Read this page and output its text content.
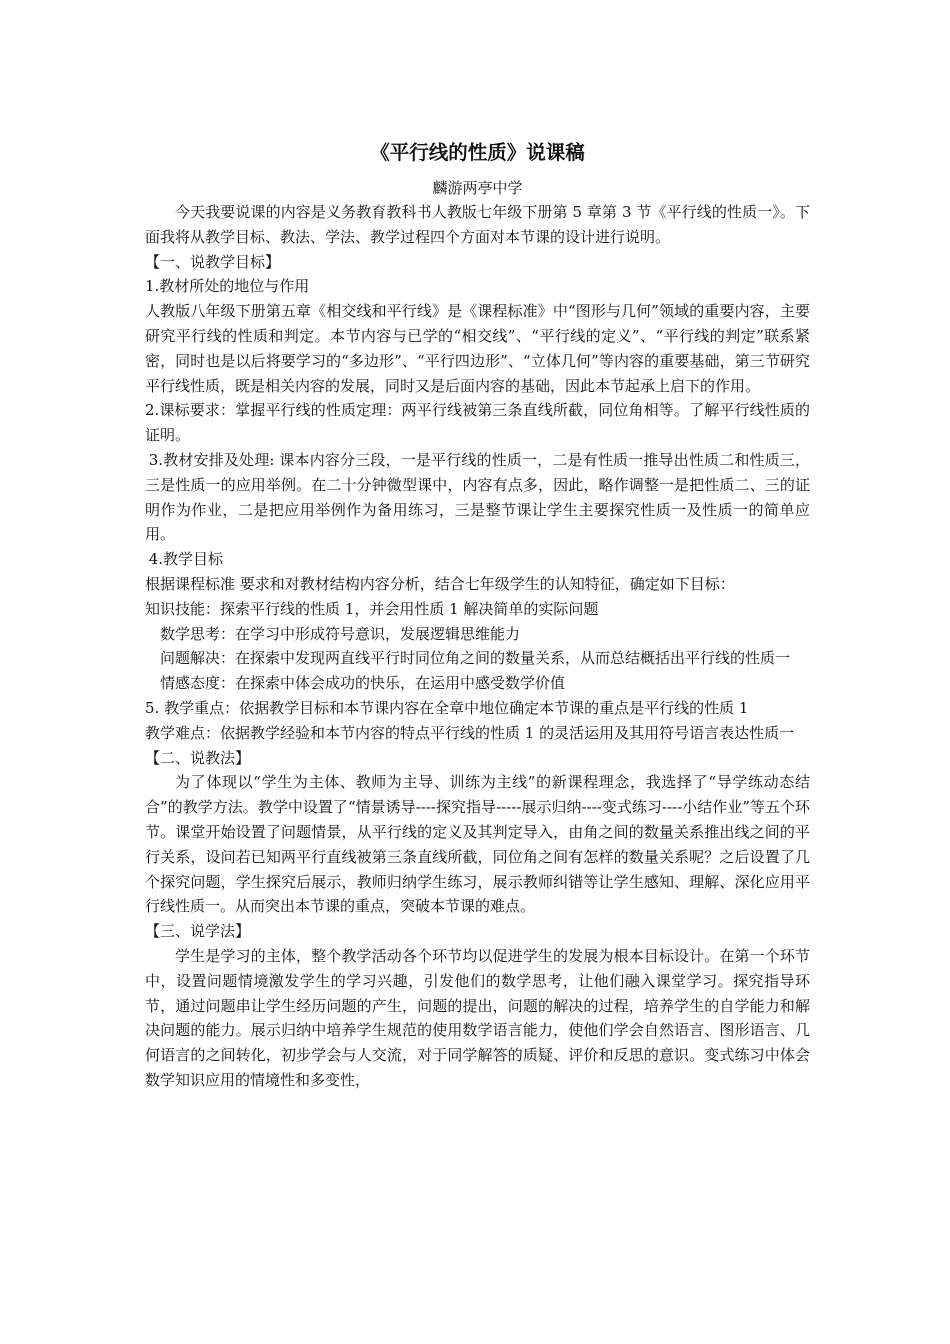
《平行线的性质》说课稿
麟游两亭中学

今天我要说课的内容是义务教育教科书人教版七年级下册第 5 章第 3 节《平行线的性质一》。下面我将从教学目标、教法、学法、教学过程四个方面对本节课的设计进行说明。

【一、说教学目标】

1.教材所处的地位与作用

人教版八年级下册第五章《相交线和平行线》是《课程标准》中“图形与几何”领域的重要内容，主要研究平行线的性质和判定。本节内容与已学的“相交线”、“平行线的定义”、“平行线的判定”联系紧密，同时也是以后将要学习的“多边形”、“平行四边形”、“立体几何”等内容的重要基础，第三节研究平行线性质，既是相关内容的发展，同时又是后面内容的基础，因此本节起承上启下的作用。

2.课标要求：掌握平行线的性质定理：两平行线被第三条直线所截，同位角相等。了解平行线性质的证明。

3.教材安排及处理: 课本内容分三段，一是平行线的性质一，二是有性质一推导出性质二和性质三，三是性质一的应用举例。在二十分钟微型课中，内容有点多，因此，略作调整一是把性质二、三的证明作为作业，二是把应用举例作为备用练习，三是整节课让学生主要探究性质一及性质一的简单应用。

4.教学目标

根据课程标准 要求和对教材结构内容分析，结合七年级学生的认知特征，确定如下目标：

知识技能：探索平行线的性质 1，并会用性质 1 解决简单的实际问题

数学思考：在学习中形成符号意识，发展逻辑思维能力

问题解决：在探索中发现两直线平行时同位角之间的数量关系，从而总结概括出平行线的性质一

情感态度：在探索中体会成功的快乐，在运用中感受数学价值

5. 教学重点：依据教学目标和本节课内容在全章中地位确定本节课的重点是平行线的性质 1

教学难点：依据教学经验和本节内容的特点平行线的性质 1 的灵活运用及其用符号语言表达性质一

【二、说教法】

为了体现以“学生为主体、教师为主导、训练为主线”的新课程理念，我选择了“导学练动态结合”的教学方法。教学中设置了“情景诱导----探究指导-----展示归纳----变式练习----小结作业”等五个环节。课堂开始设置了问题情景，从平行线的定义及其判定导入，由角之间的数量关系推出线之间的平行关系，设问若已知两平行直线被第三条直线所截，同位角之间有怎样的数量关系呢？之后设置了几个探究问题，学生探究后展示，教师归纳学生练习，展示教师纠错等让学生感知、理解、深化应用平行线性质一。从而突出本节课的重点，突破本节课的难点。

【三、说学法】

学生是学习的主体，整个教学活动各个环节均以促进学生的发展为根本目标设计。在第一个环节中，设置问题情境激发学生的学习兴趣，引发他们的数学思考，让他们融入课堂学习。探究指导环节，通过问题串让学生经历问题的产生，问题的提出，问题的解决的过程，培养学生的自学能力和解决问题的能力。展示归纳中培养学生规范的使用数学语言能力，使他们学会自然语言、图形语言、几何语言的之间转化，初步学会与人交流，对于同学解答的质疑、评价和反思的意识。变式练习中体会数学知识应用的情境性和多变性，
